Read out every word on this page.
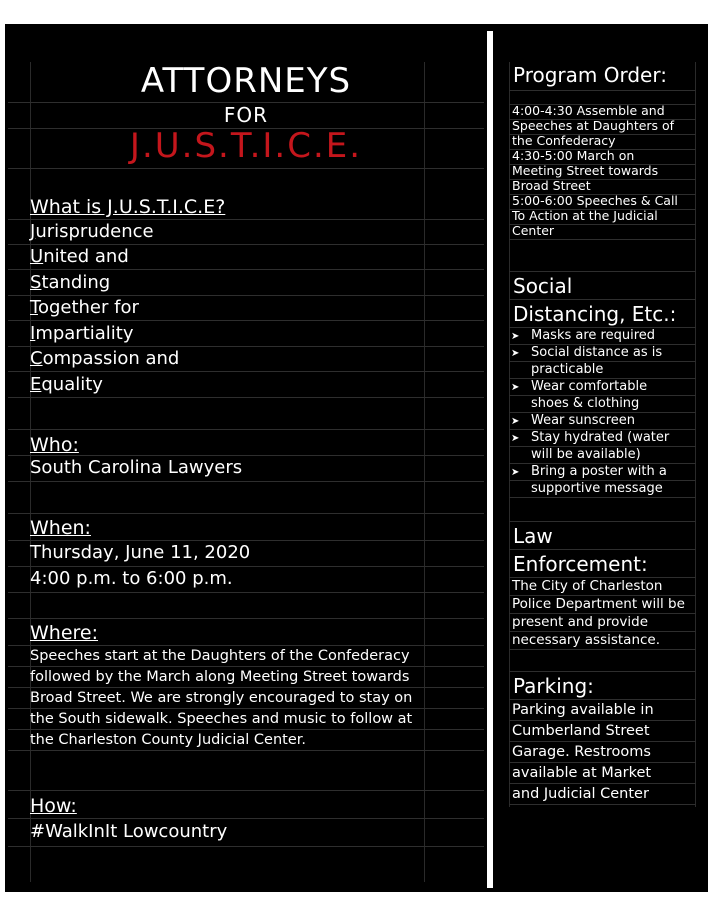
ATTORNEYS
FOR
J.U.S.T.I.C.E.
What is J.U.S.T.I.C.E?
Jurisprudence
United and
Standing
Together for
Impartiality
Compassion and
Equality
Who:
South Carolina Lawyers
When:
Thursday, June 11, 2020
4:00 p.m. to 6:00 p.m.
Where:
Speeches start at the Daughters of the Confederacy
followed by the March along Meeting Street towards
Broad Street. We are strongly encouraged to stay on
the South sidewalk. Speeches and music to follow at
the Charleston County Judicial Center.
How:
#WalkInIt Lowcountry
Program Order:
4:00-4:30 Assemble and
Speeches at Daughters of
the Confederacy
4:30-5:00 March on
Meeting Street towards
Broad Street
5:00-6:00 Speeches & Call
To Action at the Judicial
Center
Social
Distancing, Etc.:
➤ Masks are required
➤ Social distance as is
practicable
➤ Wear comfortable
shoes & clothing
➤ Wear sunscreen
➤ Stay hydrated (water
will be available)
➤ Bring a poster with a
supportive message
Law
Enforcement:
The City of Charleston
Police Department will be
present and provide
necessary assistance.
Parking:
Parking available in
Cumberland Street
Garage. Restrooms
available at Market
and Judicial Center
